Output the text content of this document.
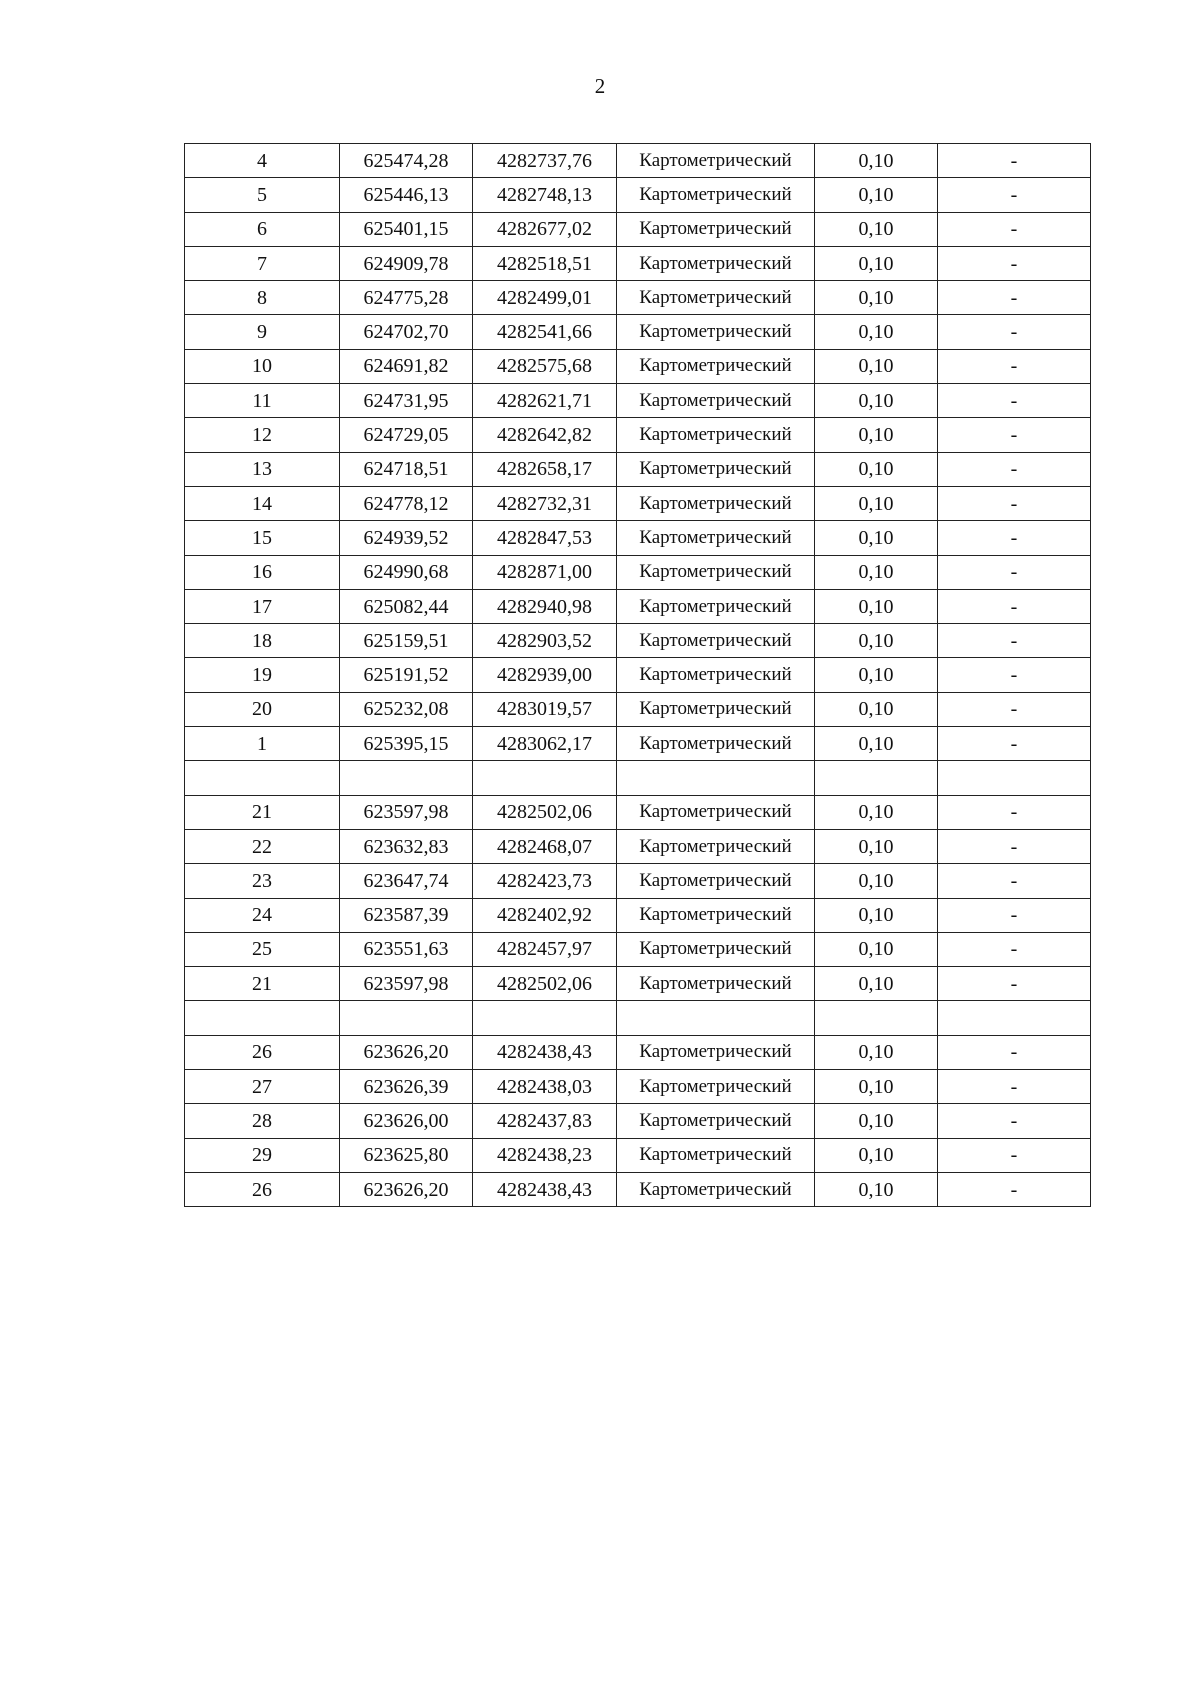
2
4	625474,28	4282737,76	Картометрический	0,10	-
5	625446,13	4282748,13	Картометрический	0,10	-
6	625401,15	4282677,02	Картометрический	0,10	-
7	624909,78	4282518,51	Картометрический	0,10	-
8	624775,28	4282499,01	Картометрический	0,10	-
9	624702,70	4282541,66	Картометрический	0,10	-
10	624691,82	4282575,68	Картометрический	0,10	-
11	624731,95	4282621,71	Картометрический	0,10	-
12	624729,05	4282642,82	Картометрический	0,10	-
13	624718,51	4282658,17	Картометрический	0,10	-
14	624778,12	4282732,31	Картометрический	0,10	-
15	624939,52	4282847,53	Картометрический	0,10	-
16	624990,68	4282871,00	Картометрический	0,10	-
17	625082,44	4282940,98	Картометрический	0,10	-
18	625159,51	4282903,52	Картометрический	0,10	-
19	625191,52	4282939,00	Картометрический	0,10	-
20	625232,08	4283019,57	Картометрический	0,10	-
1	625395,15	4283062,17	Картометрический	0,10	-

21	623597,98	4282502,06	Картометрический	0,10	-
22	623632,83	4282468,07	Картометрический	0,10	-
23	623647,74	4282423,73	Картометрический	0,10	-
24	623587,39	4282402,92	Картометрический	0,10	-
25	623551,63	4282457,97	Картометрический	0,10	-
21	623597,98	4282502,06	Картометрический	0,10	-

26	623626,20	4282438,43	Картометрический	0,10	-
27	623626,39	4282438,03	Картометрический	0,10	-
28	623626,00	4282437,83	Картометрический	0,10	-
29	623625,80	4282438,23	Картометрический	0,10	-
26	623626,20	4282438,43	Картометрический	0,10	-
